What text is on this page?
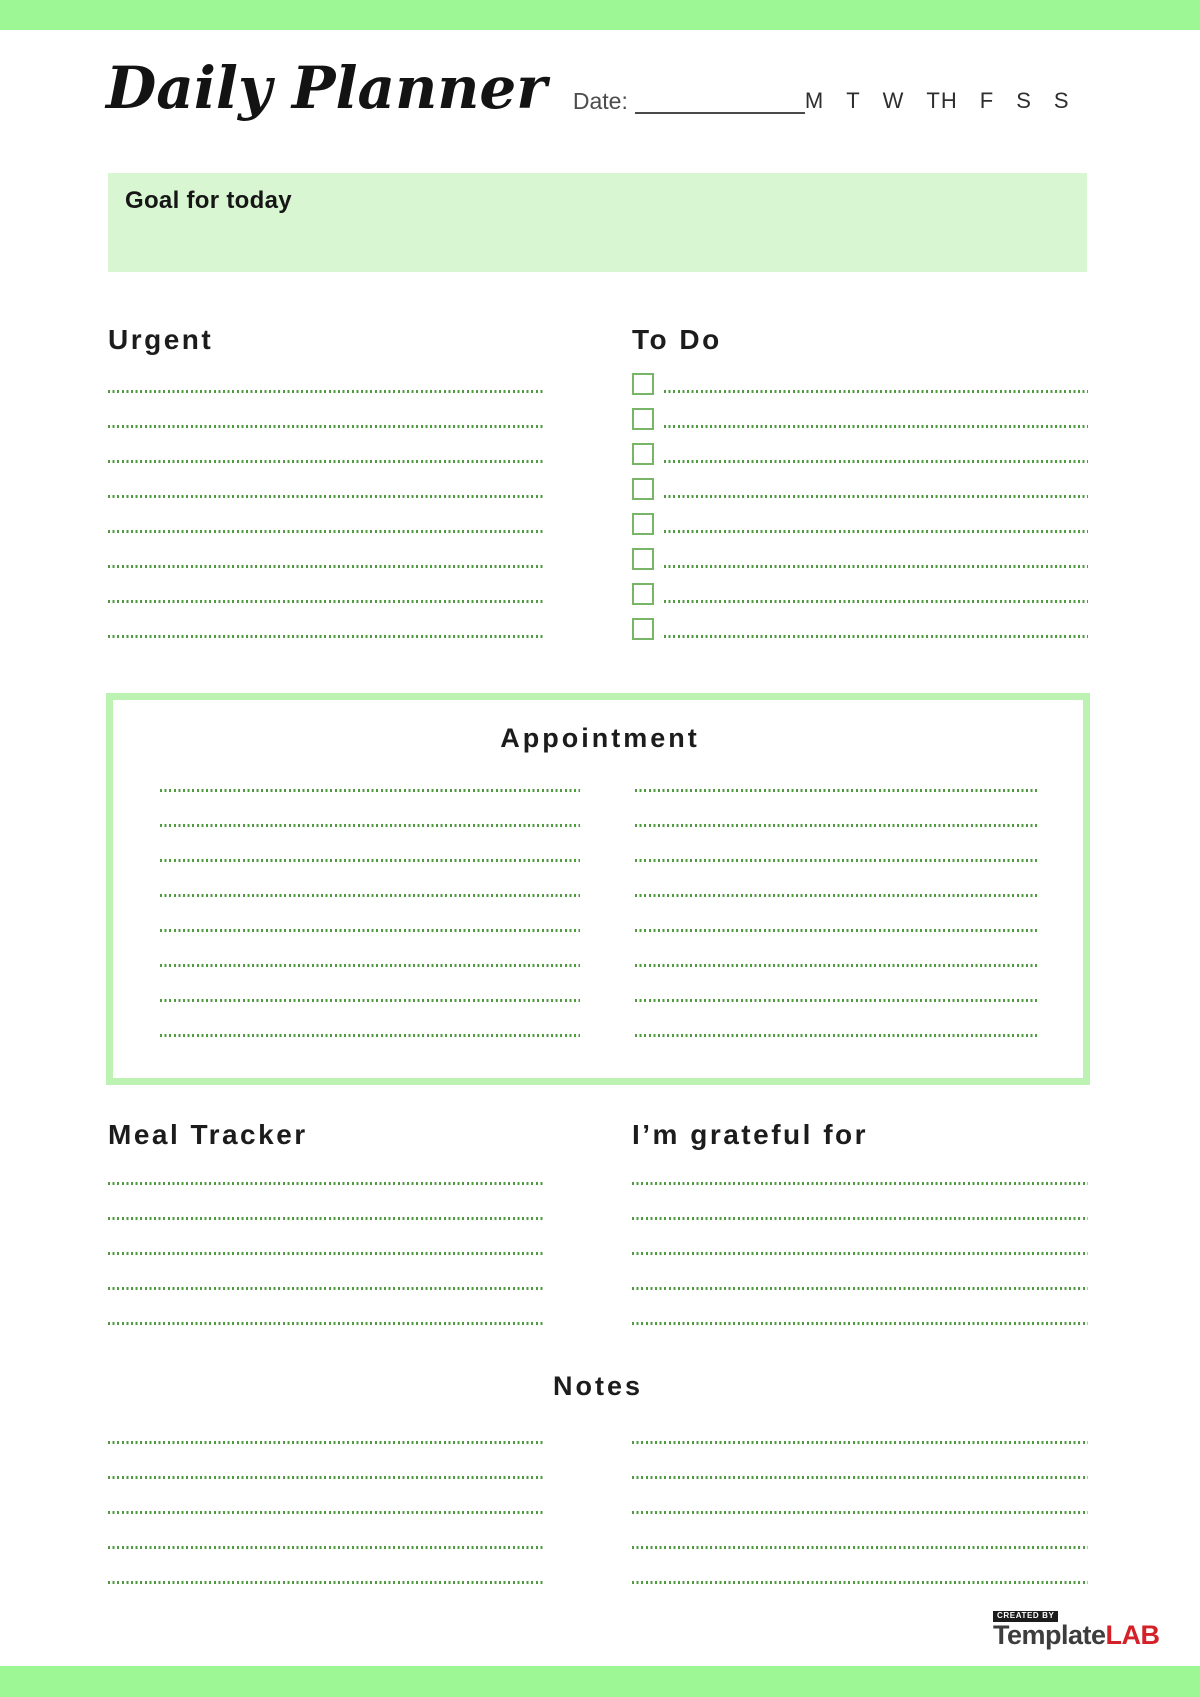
Daily Planner Date:	M T W TH F S S
Goal for today
Urgent	To Do
Appointment
Meal Tracker	I’m grateful for
Notes
CREATED BY
TemplateLAB
